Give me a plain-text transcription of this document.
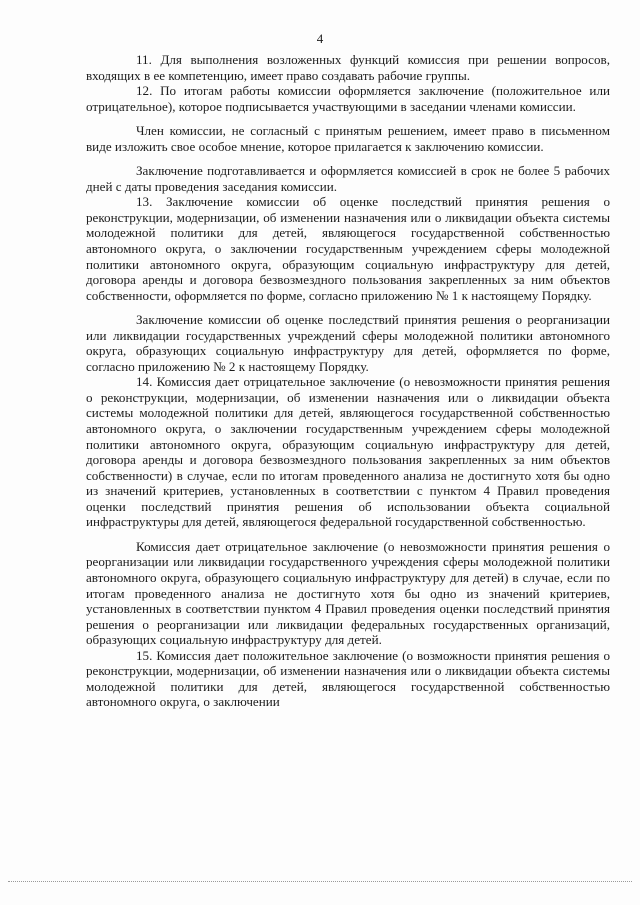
4

11. Для выполнения возложенных функций комиссия при решении вопросов, входящих в ее компетенцию, имеет право создавать рабочие группы.

12. По итогам работы комиссии оформляется заключение (положительное или отрицательное), которое подписывается участвующими в заседании членами комиссии.

Член комиссии, не согласный с принятым решением, имеет право в письменном виде изложить свое особое мнение, которое прилагается к заключению комиссии.

Заключение подготавливается и оформляется комиссией в срок не более 5 рабочих дней с даты проведения заседания комиссии.

13. Заключение комиссии об оценке последствий принятия решения о реконструкции, модернизации, об изменении назначения или о ликвидации объекта системы молодежной политики для детей, являющегося государственной собственностью автономного округа, о заключении государственным учреждением сферы молодежной политики автономного округа, образующим социальную инфраструктуру для детей, договора аренды и договора безвозмездного пользования закрепленных за ним объектов собственности, оформляется по форме, согласно приложению № 1 к настоящему Порядку.

Заключение комиссии об оценке последствий принятия решения о реорганизации или ликвидации государственных учреждений сферы молодежной политики автономного округа, образующих социальную инфраструктуру для детей, оформляется по форме, согласно приложению № 2 к настоящему Порядку.

14. Комиссия дает отрицательное заключение (о невозможности принятия решения о реконструкции, модернизации, об изменении назначения или о ликвидации объекта системы молодежной политики для детей, являющегося государственной собственностью автономного округа, о заключении государственным учреждением сферы молодежной политики автономного округа, образующим социальную инфраструктуру для детей, договора аренды и договора безвозмездного пользования закрепленных за ним объектов собственности) в случае, если по итогам проведенного анализа не достигнуто хотя бы одно из значений критериев, установленных в соответствии с пунктом 4 Правил проведения оценки последствий принятия решения об использовании объекта социальной инфраструктуры для детей, являющегося федеральной государственной собственностью.

Комиссия дает отрицательное заключение (о невозможности принятия решения о реорганизации или ликвидации государственного учреждения сферы молодежной политики автономного округа, образующего социальную инфраструктуру для детей) в случае, если по итогам проведенного анализа не достигнуто хотя бы одно из значений критериев, установленных в соответствии пунктом 4 Правил проведения оценки последствий принятия решения о реорганизации или ликвидации федеральных государственных организаций, образующих социальную инфраструктуру для детей.

15. Комиссия дает положительное заключение (о возможности принятия решения о реконструкции, модернизации, об изменении назначения или о ликвидации объекта системы молодежной политики для детей, являющегося государственной собственностью автономного округа, о заключении
